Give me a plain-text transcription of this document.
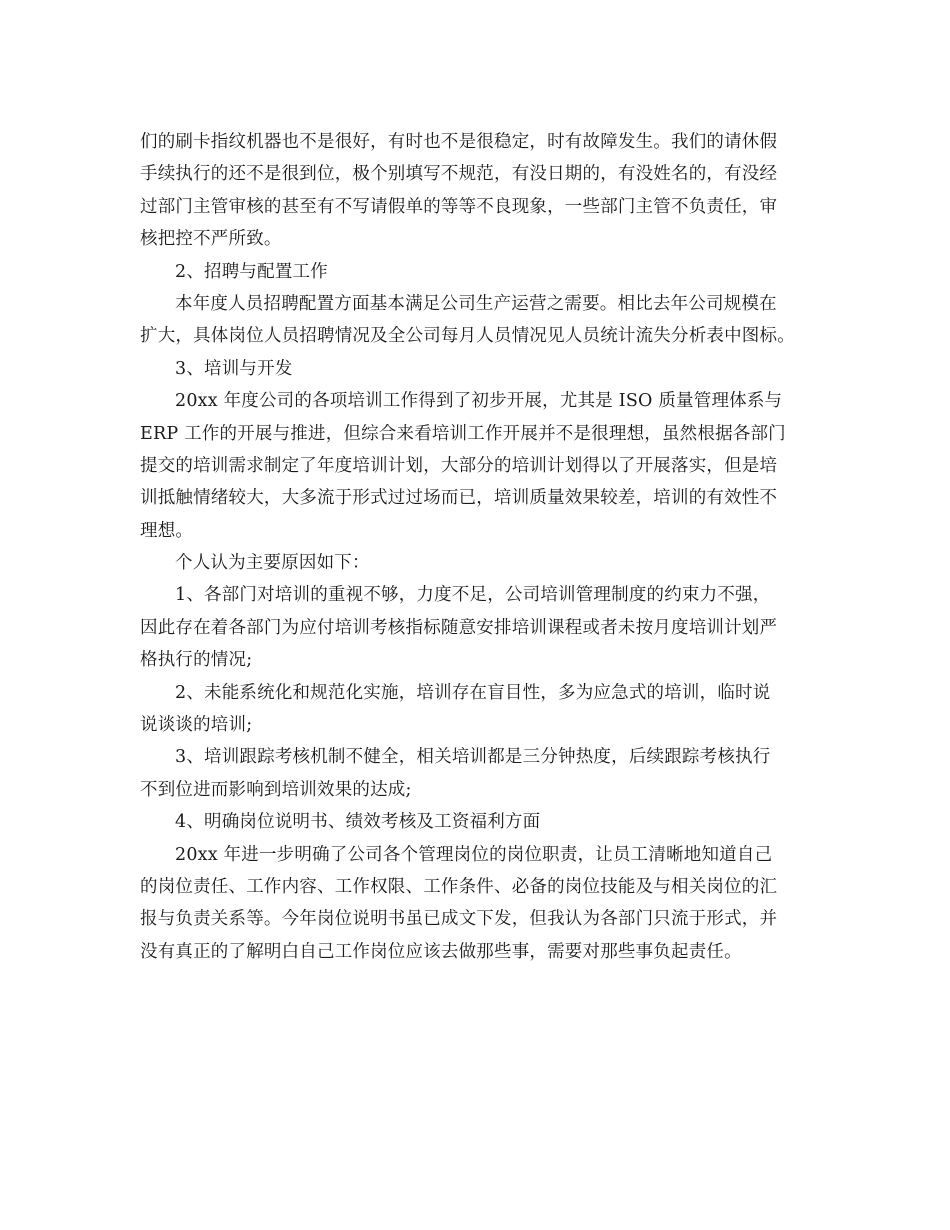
们的刷卡指纹机器也不是很好，有时也不是很稳定，时有故障发生。我们的请休假
手续执行的还不是很到位，极个别填写不规范，有没日期的，有没姓名的，有没经
过部门主管审核的甚至有不写请假单的等等不良现象，一些部门主管不负责任，审
核把控不严所致。
2、招聘与配置工作
本年度人员招聘配置方面基本满足公司生产运营之需要。相比去年公司规模在
扩大，具体岗位人员招聘情况及全公司每月人员情况见人员统计流失分析表中图标。
3、培训与开发
20xx 年度公司的各项培训工作得到了初步开展，尤其是 ISO 质量管理体系与
ERP 工作的开展与推进，但综合来看培训工作开展并不是很理想，虽然根据各部门
提交的培训需求制定了年度培训计划，大部分的培训计划得以了开展落实，但是培
训抵触情绪较大，大多流于形式过过场而已，培训质量效果较差，培训的有效性不
理想。
个人认为主要原因如下：
1、各部门对培训的重视不够，力度不足，公司培训管理制度的约束力不强，
因此存在着各部门为应付培训考核指标随意安排培训课程或者未按月度培训计划严
格执行的情况;
2、未能系统化和规范化实施，培训存在盲目性，多为应急式的培训，临时说
说谈谈的培训;
3、培训跟踪考核机制不健全，相关培训都是三分钟热度，后续跟踪考核执行
不到位进而影响到培训效果的达成;
4、明确岗位说明书、绩效考核及工资福利方面
20xx 年进一步明确了公司各个管理岗位的岗位职责，让员工清晰地知道自己
的岗位责任、工作内容、工作权限、工作条件、必备的岗位技能及与相关岗位的汇
报与负责关系等。今年岗位说明书虽已成文下发，但我认为各部门只流于形式，并
没有真正的了解明白自己工作岗位应该去做那些事，需要对那些事负起责任。
